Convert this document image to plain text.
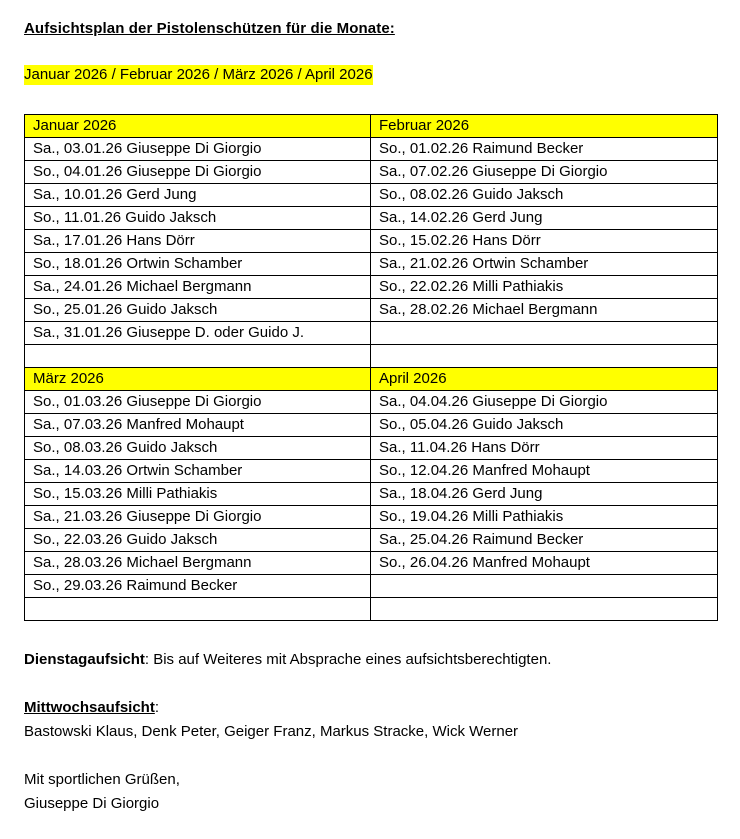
Aufsichtsplan der Pistolenschützen für die Monate:
Januar 2026 / Februar 2026 / März 2026 / April 2026
Januar 2026	Februar 2026
Sa., 03.01.26 Giuseppe Di Giorgio	So., 01.02.26 Raimund Becker
So., 04.01.26 Giuseppe Di Giorgio	Sa., 07.02.26 Giuseppe Di Giorgio
Sa., 10.01.26 Gerd Jung	So., 08.02.26 Guido Jaksch
So., 11.01.26 Guido Jaksch	Sa., 14.02.26 Gerd Jung
Sa., 17.01.26 Hans Dörr	So., 15.02.26 Hans Dörr
So., 18.01.26 Ortwin Schamber	Sa., 21.02.26 Ortwin Schamber
Sa., 24.01.26 Michael Bergmann	So., 22.02.26 Milli Pathiakis
So., 25.01.26 Guido Jaksch	Sa., 28.02.26 Michael Bergmann
Sa., 31.01.26 Giuseppe D. oder Guido J.	

März 2026	April 2026
So., 01.03.26 Giuseppe Di Giorgio	Sa., 04.04.26 Giuseppe Di Giorgio
Sa., 07.03.26 Manfred Mohaupt	So., 05.04.26 Guido Jaksch
So., 08.03.26 Guido Jaksch	Sa., 11.04.26 Hans Dörr
Sa., 14.03.26 Ortwin Schamber	So., 12.04.26 Manfred Mohaupt
So., 15.03.26 Milli Pathiakis	Sa., 18.04.26 Gerd Jung
Sa., 21.03.26 Giuseppe Di Giorgio	So., 19.04.26 Milli Pathiakis
So., 22.03.26 Guido Jaksch	Sa., 25.04.26 Raimund Becker
Sa., 28.03.26 Michael Bergmann	So., 26.04.26 Manfred Mohaupt
So., 29.03.26 Raimund Becker	

Dienstagaufsicht: Bis auf Weiteres mit Absprache eines aufsichtsberechtigten.
Mittwochsaufsicht:
Bastowski Klaus, Denk Peter, Geiger Franz, Markus Stracke, Wick Werner
Mit sportlichen Grüßen,
Giuseppe Di Giorgio
